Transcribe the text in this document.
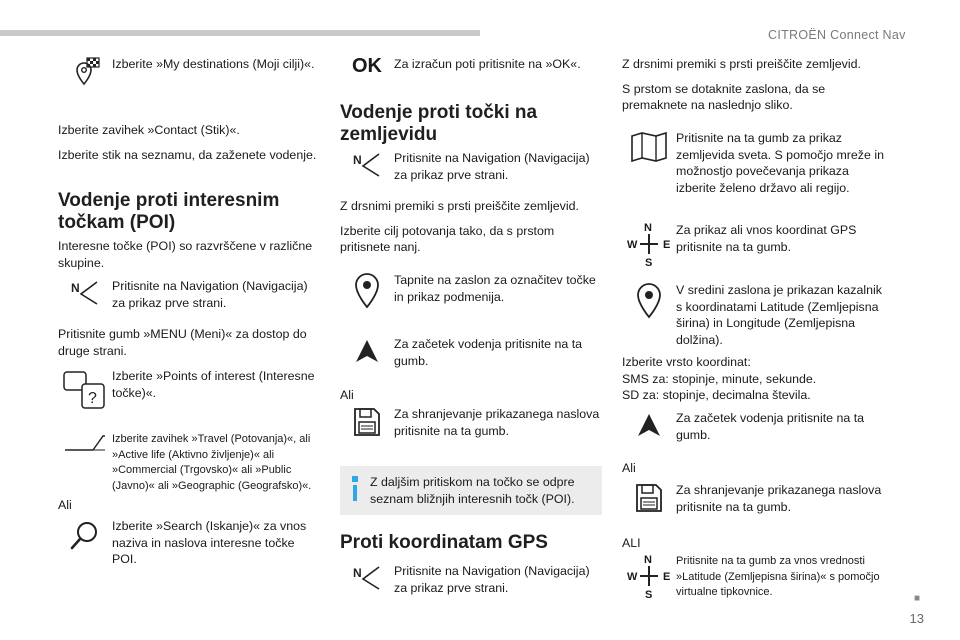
CITROËN Connect Nav
Izberite »My destinations (Moji cilji)«.

Izberite zavihek »Contact (Stik)«.

Izberite stik na seznamu, da zaženete vodenje.

Vodenje proti interesnim točkam (POI)
Interesne točke (POI) so razvrščene v različne skupine.
N	Pritisnite na Navigation (Navigacija) za prikaz prve strani.
Pritisnite gumb »MENU (Meni)« za dostop do druge strani.
?
Izberite »Points of interest (Interesne točke)«.
Izberite zavihek »Travel (Potovanja)«, ali »Active life (Aktivno življenje)« ali »Commercial (Trgovsko)« ali »Public (Javno)« ali »Geographic (Geografsko)«.
Ali
Izberite »Search (Iskanje)« za vnos naziva in naslova interesne točke POI.
OK Za izračun poti pritisnite na »OK«.
Vodenje proti točki na zemljevidu
N	Pritisnite na Navigation (Navigacija) za prikaz prve strani.

Z drsnimi premiki s prsti preiščite zemljevid.

Izberite cilj potovanja tako, da s prstom pritisnete nanj.

Tapnite na zaslon za označitev točke in prikaz podmenija.
Za začetek vodenja pritisnite na ta gumb.
Ali
Za shranjevanje prikazanega naslova pritisnite na ta gumb.
Z daljšim pritiskom na točko se odpre seznam bližnjih interesnih točk (POI).
Proti koordinatam GPS
N	Pritisnite na Navigation (Navigacija) za prikaz prve strani.

Z drsnimi premiki s prsti preiščite zemljevid.

S prstom se dotaknite zaslona, da se premaknete na naslednjo sliko.

Pritisnite na ta gumb za prikaz zemljevida sveta. S pomočjo mreže in možnostjo povečevanja prikaza izberite želeno državo ali regijo.
N
W E
S
Za prikaz ali vnos koordinat GPS pritisnite na ta gumb.
V sredini zaslona je prikazan kazalnik s koordinatami Latitude (Zemljepisna širina) in Longitude (Zemljepisna dolžina).
Izberite vrsto koordinat:
SMS za: stopinje, minute, sekunde.
SD za: stopinje, decimalna števila.
Za začetek vodenja pritisnite na ta gumb.
Ali
Za shranjevanje prikazanega naslova pritisnite na ta gumb.
ALI
N
W E
S
Pritisnite na ta gumb za vnos vrednosti »Latitude (Zemljepisna širina)« s pomočjo virtualne tipkovnice.
■
13
